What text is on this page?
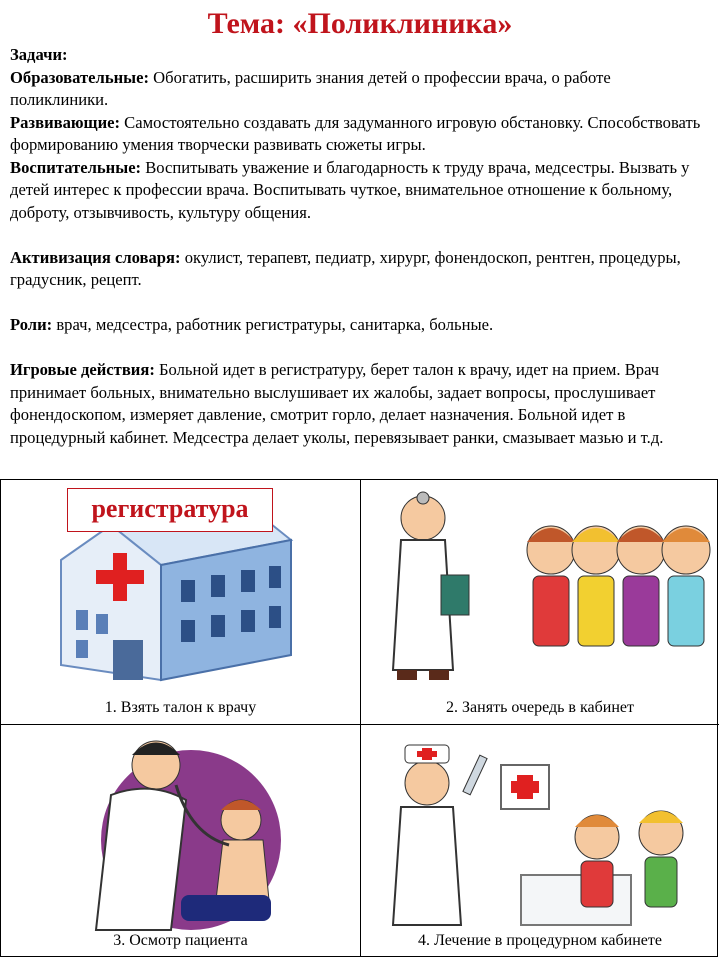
Тема: «Поликлиника»

Задачи:

Образовательные: Обогатить, расширить знания детей о профессии врача, о работе поликлиники.

Развивающие: Самостоятельно создавать для задуманного игровую обстановку. Способствовать формированию умения творчески развивать сюжеты игры.

Воспитательные: Воспитывать уважение и благодарность к труду врача, медсестры. Вызвать у детей интерес к профессии врача. Воспитывать чуткое, внимательное отношение к больному, доброту, отзывчивость, культуру общения.

Активизация словаря: окулист, терапевт, педиатр, хирург, фонендоскоп, рентген, процедуры, градусник, рецепт.

Роли: врач, медсестра, работник регистратуры, санитарка, больные.

Игровые действия: Больной идет в регистратуру, берет талон к врачу, идет на прием. Врач принимает больных, внимательно выслушивает их жалобы, задает вопросы, прослушивает фонендоскопом, измеряет давление, смотрит горло, делает назначения. Больной идет в процедурный кабинет. Медсестра делает уколы, перевязывает ранки, смазывает мазью и т.д.

регистратура
1. Взять талон к врачу	2. Занять очередь в кабинет
3. Осмотр пациента	4. Лечение в процедурном кабинете
